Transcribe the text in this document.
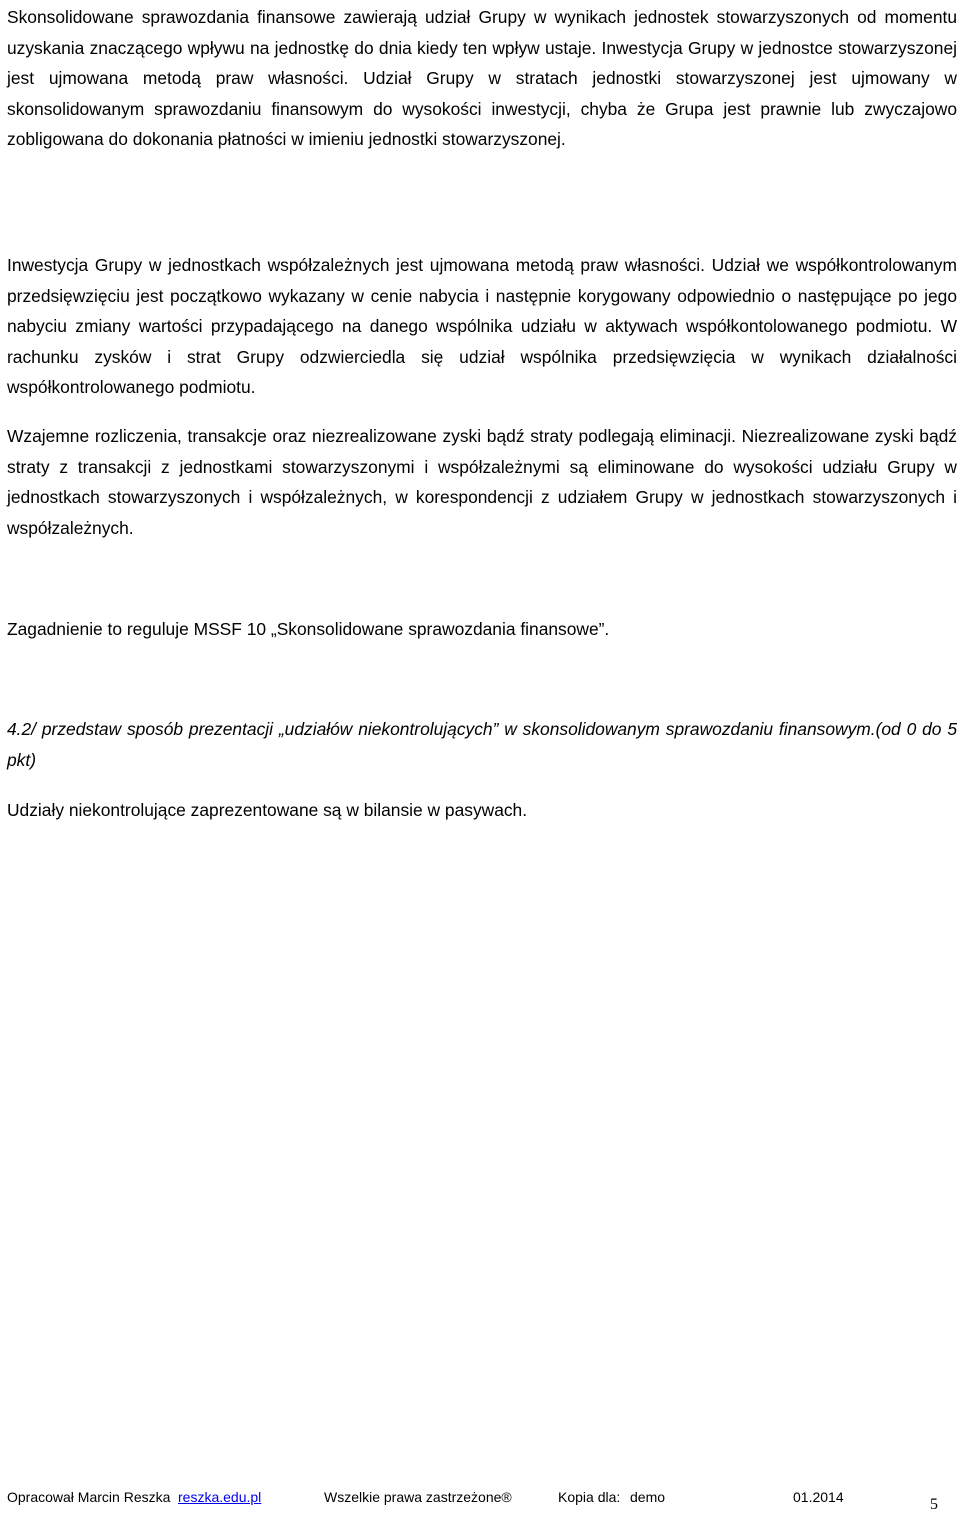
Skonsolidowane sprawozdania finansowe zawierają udział Grupy w wynikach jednostek stowarzyszonych od momentu uzyskania znaczącego wpływu na jednostkę do dnia kiedy ten wpływ ustaje. Inwestycja Grupy w jednostce stowarzyszonej jest ujmowana metodą praw własności. Udział Grupy w stratach jednostki stowarzyszonej jest ujmowany w skonsolidowanym sprawozdaniu finansowym do wysokości inwestycji, chyba że Grupa jest prawnie lub zwyczajowo zobligowana do dokonania płatności w imieniu jednostki stowarzyszonej.

Inwestycja Grupy w jednostkach współzależnych jest ujmowana metodą praw własności. Udział we współkontrolowanym przedsięwzięciu jest początkowo wykazany w cenie nabycia i następnie korygowany odpowiednio o następujące po jego nabyciu zmiany wartości przypadającego na danego wspólnika udziału w aktywach współkontolowanego podmiotu. W rachunku zysków i strat Grupy odzwierciedla się udział wspólnika przedsięwzięcia w wynikach działalności współkontrolowanego podmiotu.

Wzajemne rozliczenia, transakcje oraz niezrealizowane zyski bądź straty podlegają eliminacji. Niezrealizowane zyski bądź straty z transakcji z jednostkami stowarzyszonymi i współzależnymi są eliminowane do wysokości udziału Grupy w jednostkach stowarzyszonych i współzależnych, w korespondencji z udziałem Grupy w jednostkach stowarzyszonych i współzależnych.

Zagadnienie to reguluje MSSF 10 „Skonsolidowane sprawozdania finansowe”.

4.2/ przedstaw sposób prezentacji „udziałów niekontrolujących” w skonsolidowanym sprawozdaniu finansowym.(od 0 do 5 pkt)

Udziały niekontrolujące zaprezentowane są w bilansie w pasywach.

Opracował Marcin Reszka reszka.edu.pl	Wszelkie prawa zastrzeżone®	Kopia dla: demo	01.2014	5
